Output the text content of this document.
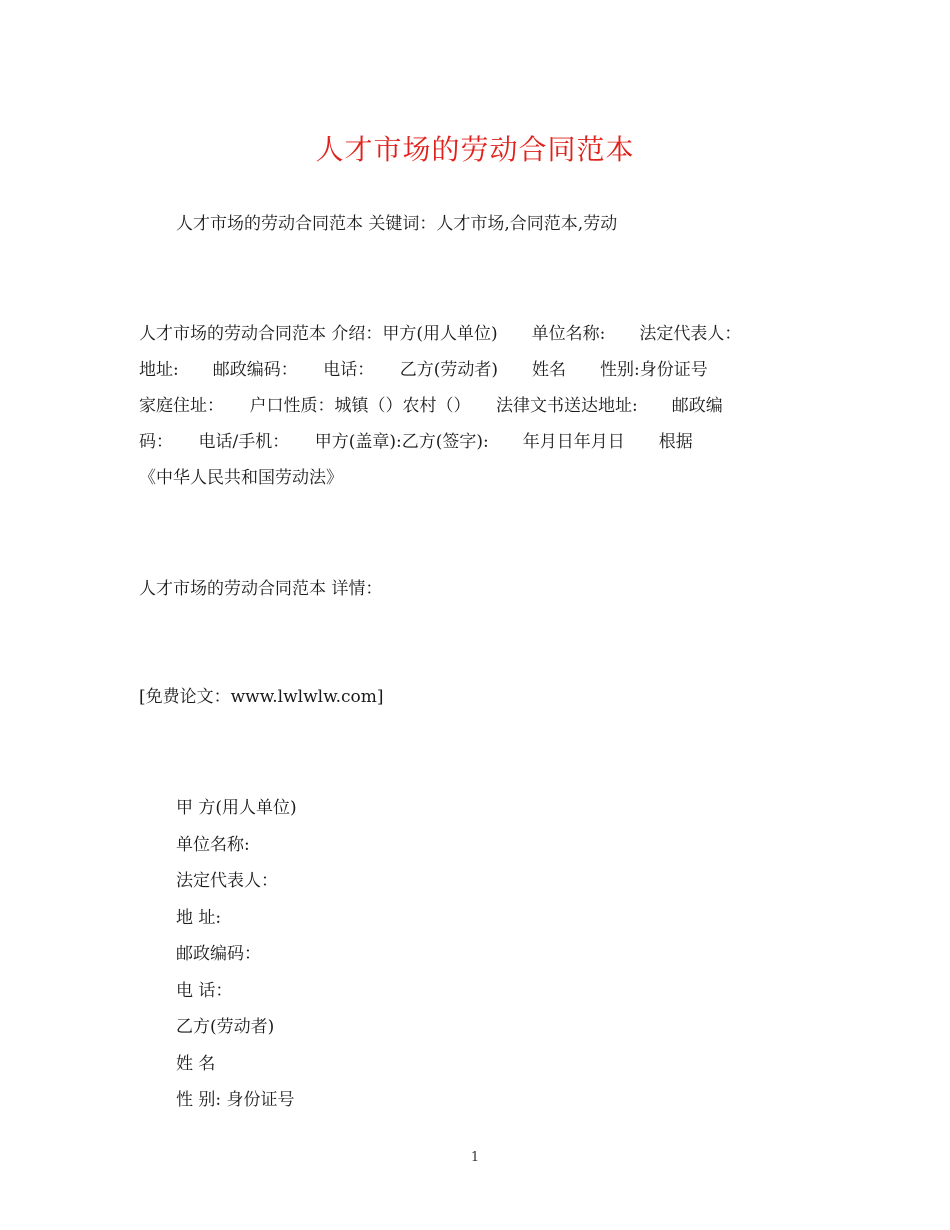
人才市场的劳动合同范本
人才市场的劳动合同范本 关键词：人才市场,合同范本,劳动
人才市场的劳动合同范本 介绍：甲方(用人单位)　　单位名称:　　法定代表人：
地址:　　邮政编码：　　电话：　　乙方(劳动者)　　姓名　　性别:身份证号
家庭住址：　　户口性质：城镇（）农村（）　　法律文书送达地址:　　邮政编
码：　　电话/手机：　　甲方(盖章):乙方(签字):　　年月日年月日　　根据
《中华人民共和国劳动法》
人才市场的劳动合同范本 详情：
[免费论文：www.lwlwlw.com]
甲 方(用人单位)
单位名称:
法定代表人：
地 址:
邮政编码：
电 话：
乙方(劳动者)
姓 名
性 别: 身份证号
1
